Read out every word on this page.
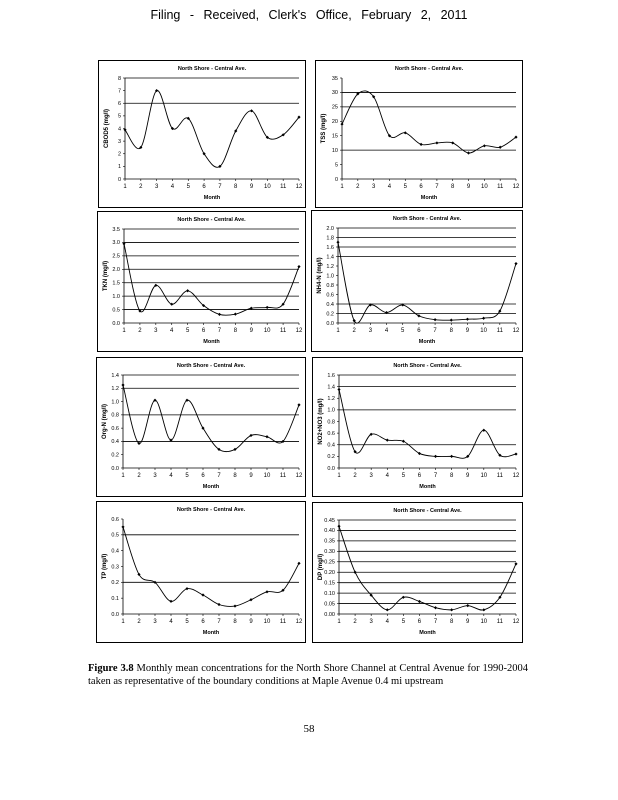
Filing - Received, Clerk's Office, February 2, 2011
North Shore - Central Ave.
0
1
2
3
4
5
6
7
8
1 2 3 4 5 6 7 8 9 10 11 12
Month
CBOD5 (mg/l)
North Shore - Central Ave.
0
5
10
15
20
25
30
35
1 2 3 4 5 6 7 8 9 10 11 12
Month
TSS (mg/l)
North Shore - Central Ave.
0.0
0.5
1.0
1.5
2.0
2.5
3.0
3.5
1 2 3 4 5 6 7 8 9 10 11 12
Month
TKN (mg/l)
North Shore - Central Ave.
0.0
0.2
0.4
0.6
0.8
1.0
1.2
1.4
1.6
1.8
2.0
1 2 3 4 5 6 7 8 9 10 11 12
Month
NH4-N (mg/l)
North Shore - Central Ave.
0.0
0.2
0.4
0.6
0.8
1.0
1.2
1.4
1 2 3 4 5 6 7 8 9 10 11 12
Month
Org-N (mg/l)
North Shore - Central Ave.
0.0
0.2
0.4
0.6
0.8
1.0
1.2
1.4
1.6
1 2 3 4 5 6 7 8 9 10 11 12
Month
NO2+NO3 (mg/l)
North Shore - Central Ave.
0.0
0.1
0.2
0.3
0.4
0.5
0.6
1 2 3 4 5 6 7 8 9 10 11 12
Month
TP (mg/l)
North Shore - Central Ave.
0.00
0.05
0.10
0.15
0.20
0.25
0.30
0.35
0.40
0.45
1 2 3 4 5 6 7 8 9 10 11 12
Month
DP (mg/l)
Figure 3.8 Monthly mean concentrations for the North Shore Channel at Central Avenue for 1990-2004 taken as representative of the boundary conditions at Maple Avenue 0.4 mi upstream
58
